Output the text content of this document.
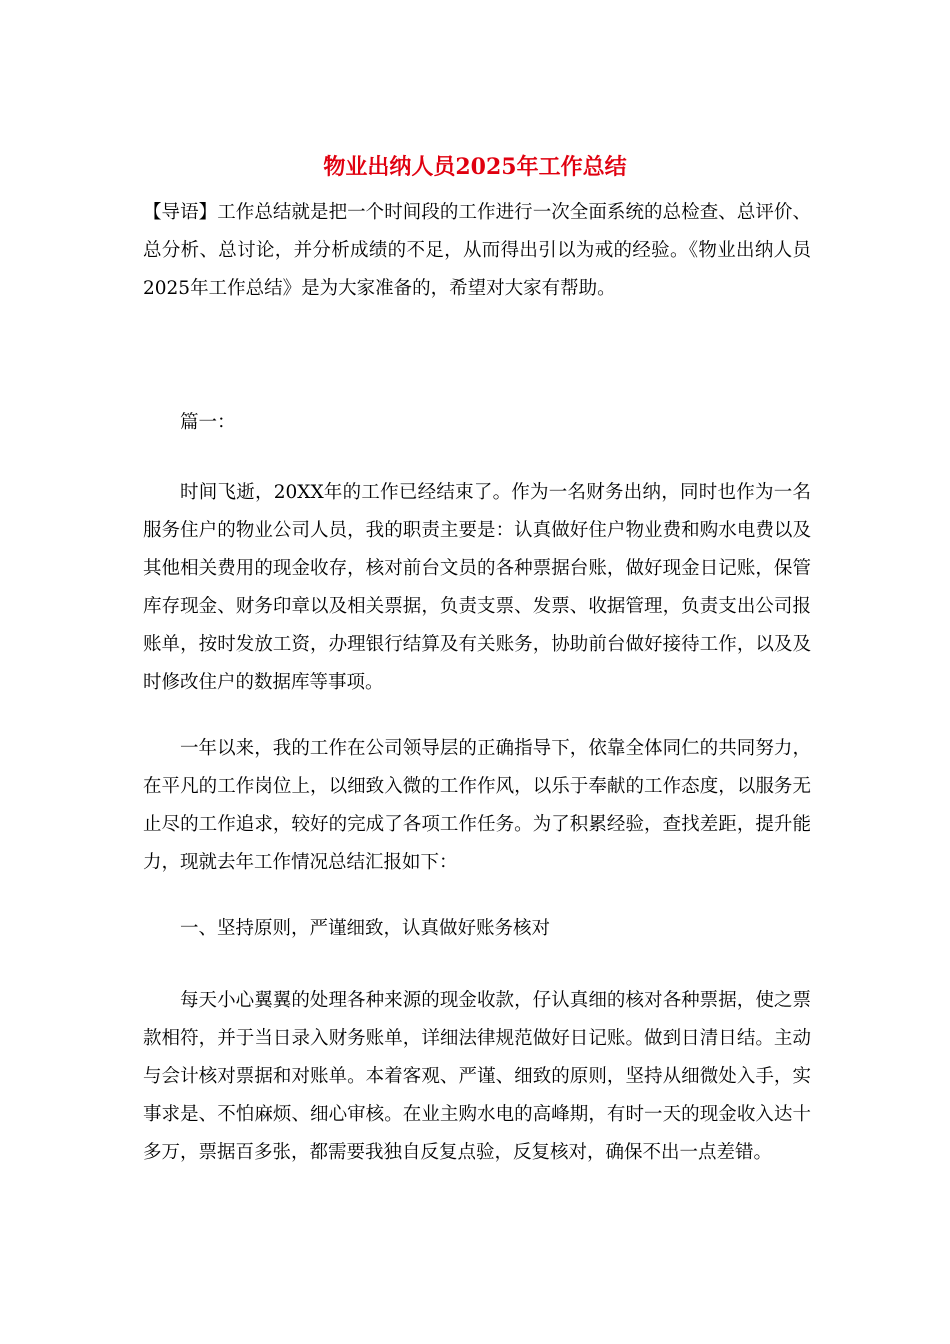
物业出纳人员2025年工作总结

【导语】工作总结就是把一个时间段的工作进行一次全面系统的总检查、总评价、总分析、总讨论，并分析成绩的不足，从而得出引以为戒的经验。《物业出纳人员2025年工作总结》是为大家准备的，希望对大家有帮助。

篇一：

时间飞逝，20XX年的工作已经结束了。作为一名财务出纳，同时也作为一名服务住户的物业公司人员，我的职责主要是：认真做好住户物业费和购水电费以及其他相关费用的现金收存，核对前台文员的各种票据台账，做好现金日记账，保管库存现金、财务印章以及相关票据，负责支票、发票、收据管理，负责支出公司报账单，按时发放工资，办理银行结算及有关账务，协助前台做好接待工作，以及及时修改住户的数据库等事项。

一年以来，我的工作在公司领导层的正确指导下，依靠全体同仁的共同努力，在平凡的工作岗位上，以细致入微的工作作风，以乐于奉献的工作态度，以服务无止尽的工作追求，较好的完成了各项工作任务。为了积累经验，查找差距，提升能力，现就去年工作情况总结汇报如下：

一、坚持原则，严谨细致，认真做好账务核对

每天小心翼翼的处理各种来源的现金收款，仔认真细的核对各种票据，使之票款相符，并于当日录入财务账单，详细法律规范做好日记账。做到日清日结。主动与会计核对票据和对账单。本着客观、严谨、细致的原则，坚持从细微处入手，实事求是、不怕麻烦、细心审核。在业主购水电的高峰期，有时一天的现金收入达十多万，票据百多张，都需要我独自反复点验，反复核对，确保不出一点差错。
